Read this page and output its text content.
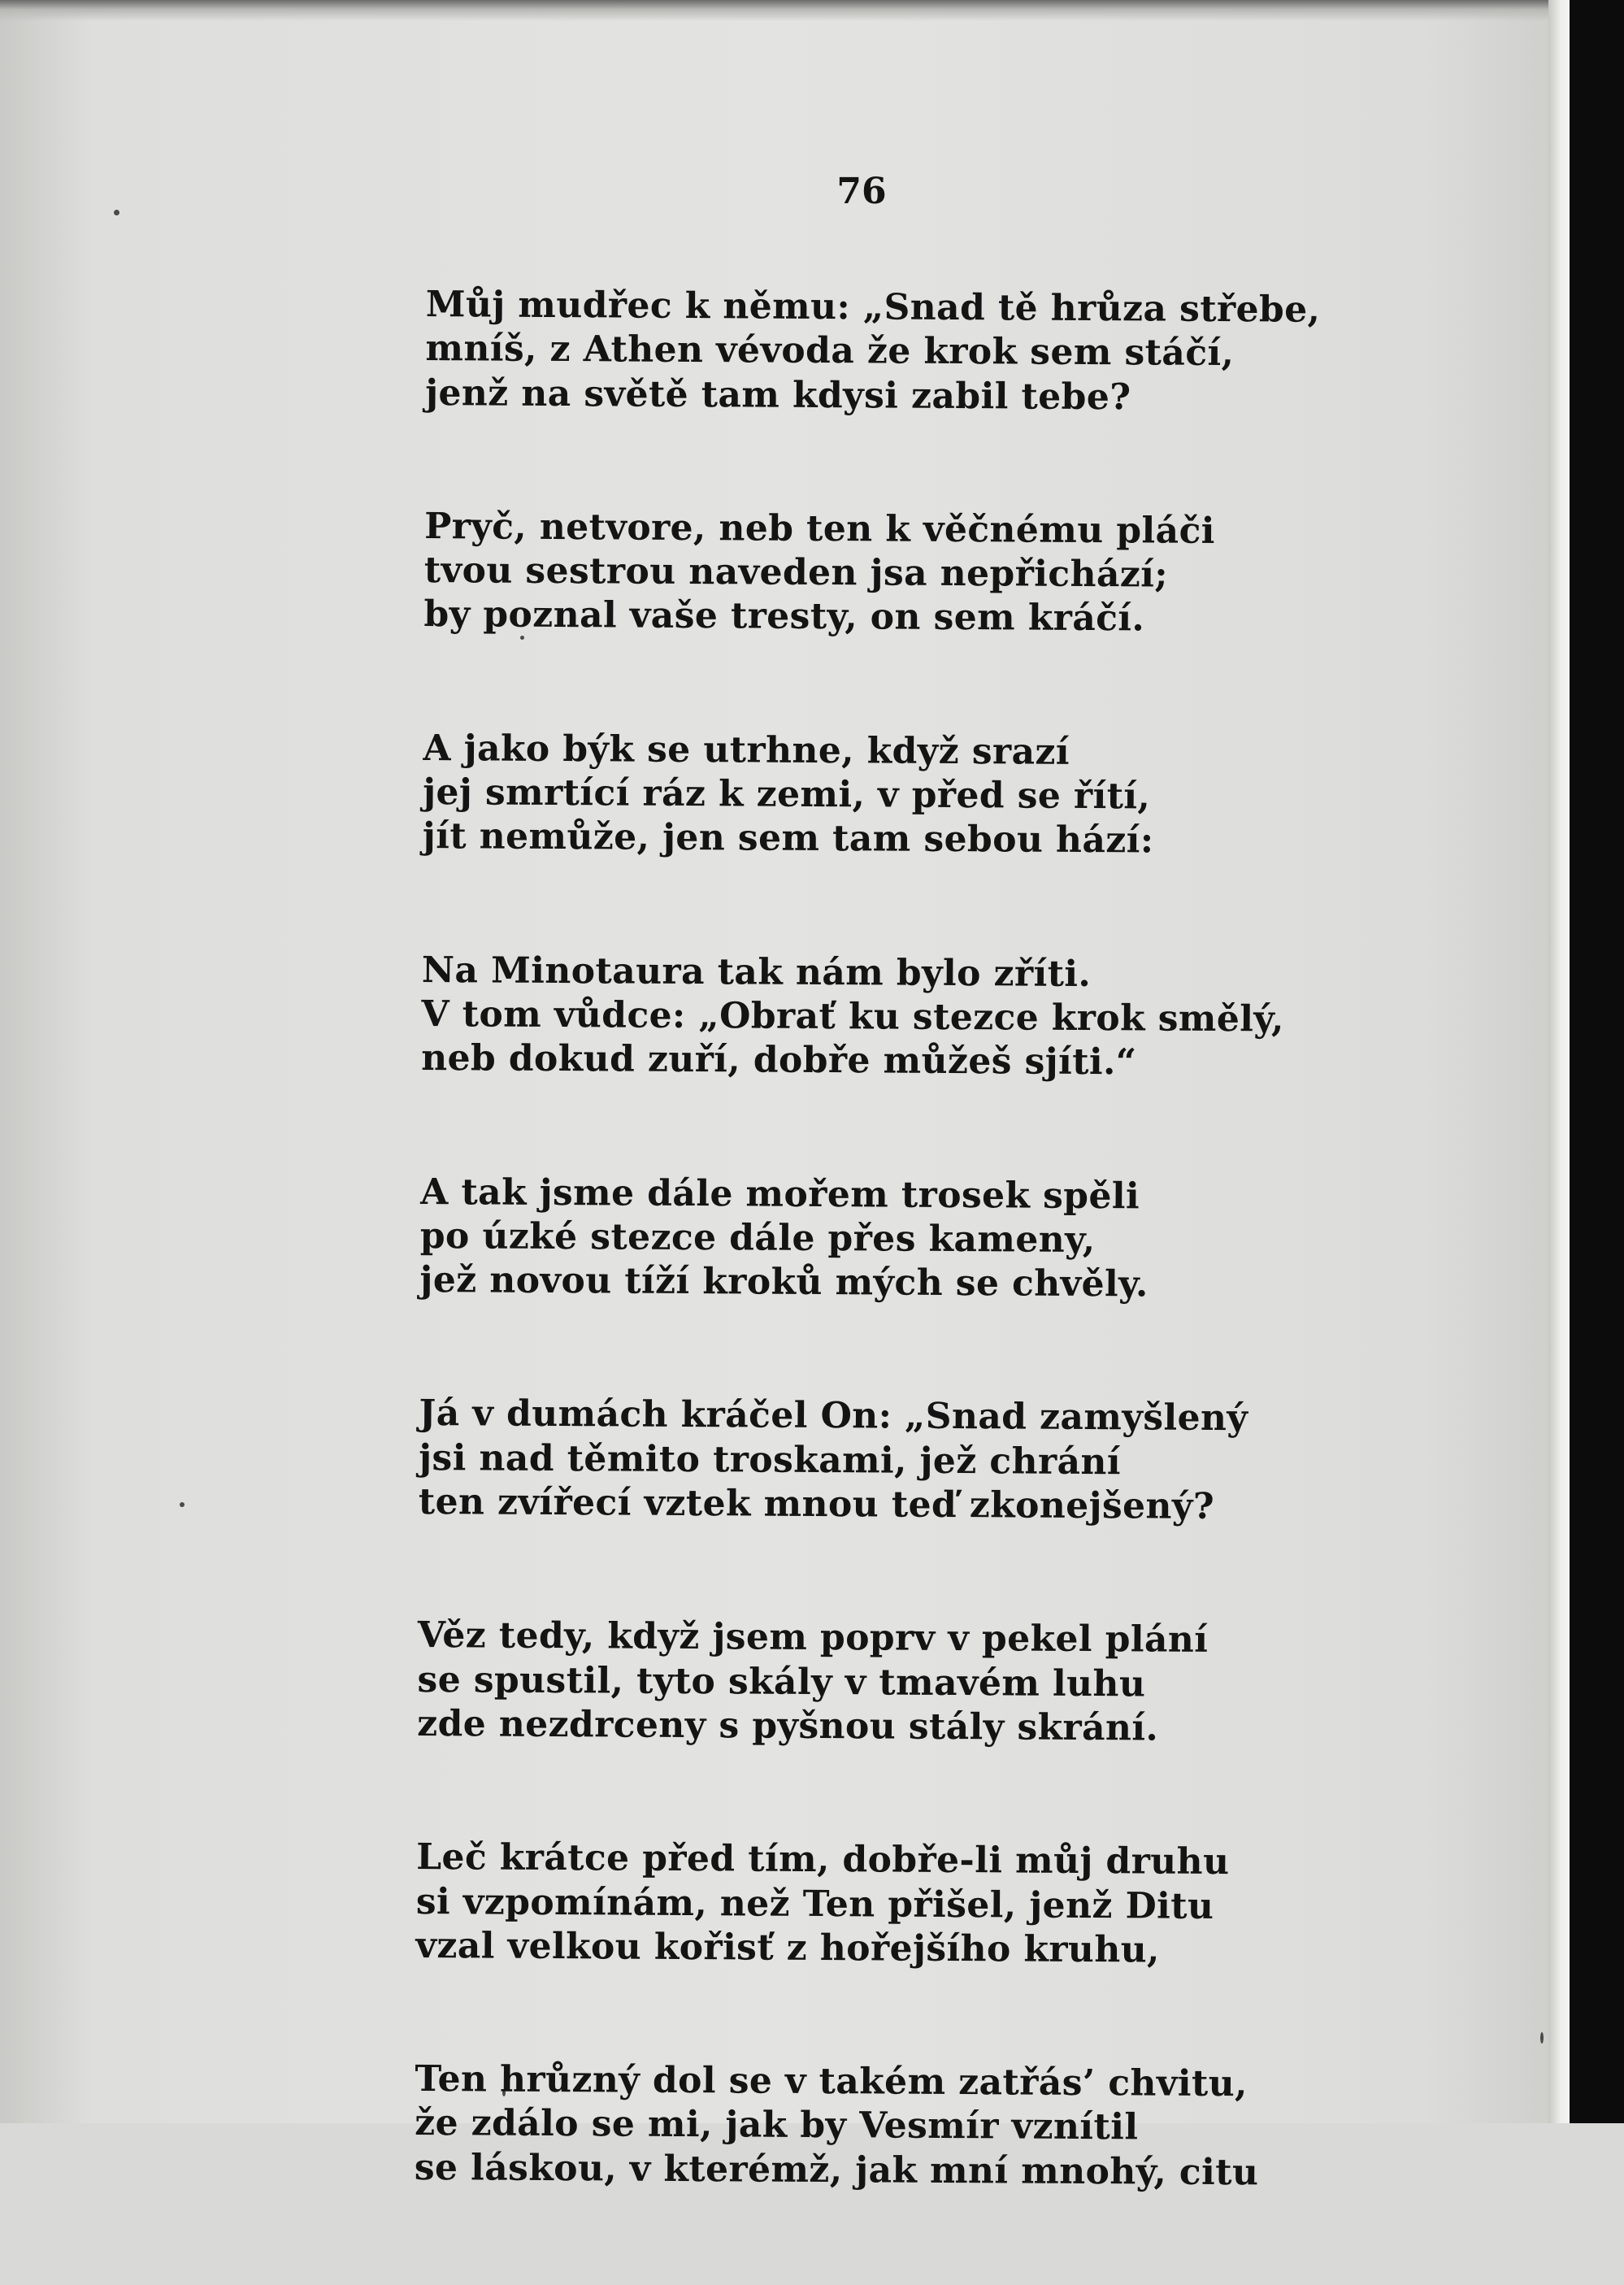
76
Můj mudřec k němu: „Snad tě hrůza střebe,
mníš, z Athen vévoda že krok sem stáčí,
jenž na světě tam kdysi zabil tebe?
Pryč, netvore, neb ten k věčnému pláči
tvou sestrou naveden jsa nepřichází;
by poznal vaše tresty, on sem kráčí.
A jako býk se utrhne, když srazí
jej smrtící ráz k zemi, v před se řítí,
jít nemůže, jen sem tam sebou hází:
Na Minotaura tak nám bylo zříti.
V tom vůdce: „Obrať ku stezce krok smělý,
neb dokud zuří, dobře můžeš sjíti.“
A tak jsme dále mořem trosek spěli
po úzké stezce dále přes kameny,
jež novou tíží kroků mých se chvěly.
Já v dumách kráčel On: „Snad zamyšlený
jsi nad těmito troskami, jež chrání
ten zvířecí vztek mnou teď zkonejšený?
Věz tedy, když jsem poprv v pekel plání
se spustil, tyto skály v tmavém luhu
zde nezdrceny s pyšnou stály skrání.
Leč krátce před tím, dobře-li můj druhu
si vzpomínám, než Ten přišel, jenž Ditu
vzal velkou kořisť z hořejšího kruhu,
Ten hrůzný dol se v takém zatřás’ chvitu,
že zdálo se mi, jak by Vesmír vznítil
se láskou, v kterémž, jak mní mnohý, citu
